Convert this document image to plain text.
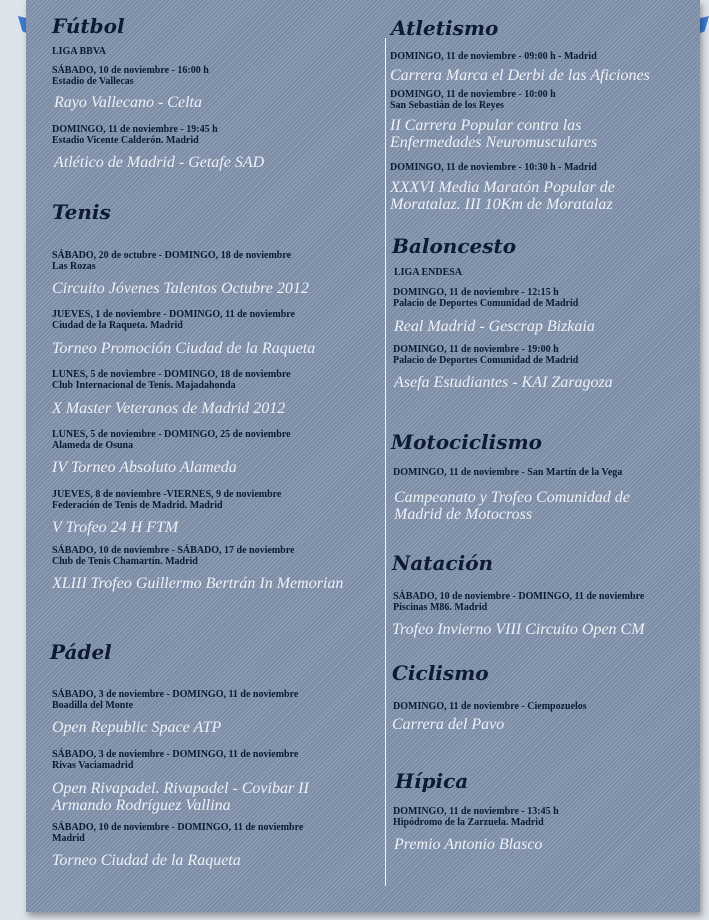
Fútbol
LIGA BBVA
SÁBADO, 10 de noviembre - 16:00 h
Estadio de Vallecas
Rayo Vallecano - Celta
DOMINGO, 11 de noviembre - 19:45 h
Estadio Vicente Calderón. Madrid
Atlético de Madrid - Getafe SAD
Tenis
SÁBADO, 20 de octubre - DOMINGO, 18 de noviembre
Las Rozas
Circuito Jóvenes Talentos Octubre 2012
JUEVES, 1 de noviembre - DOMINGO, 11 de noviembre
Ciudad de la Raqueta. Madrid
Torneo Promoción Ciudad de la Raqueta
LUNES, 5 de noviembre - DOMINGO, 18 de noviembre
Club Internacional de Tenis. Majadahonda
X Master Veteranos de Madrid 2012
LUNES, 5 de noviembre - DOMINGO, 25 de noviembre
Alameda de Osuna
IV Torneo Absoluto Alameda
JUEVES, 8 de noviembre -VIERNES, 9 de noviembre
Federación de Tenis de Madrid. Madrid
V Trofeo 24 H FTM
SÁBADO, 10 de noviembre - SÁBADO, 17 de noviembre
Club de Tenis Chamartín. Madrid
XLIII Trofeo Guillermo Bertrán In Memorian
Pádel
SÁBADO, 3 de noviembre - DOMINGO, 11 de noviembre
Boadilla del Monte
Open Republic Space ATP
SÁBADO, 3 de noviembre - DOMINGO, 11 de noviembre
Rivas Vaciamadrid
Open Rivapadel. Rivapadel - Covibar II
Armando Rodríguez Vallina
SÁBADO, 10 de noviembre - DOMINGO, 11 de noviembre
Madrid
Torneo Ciudad de la Raqueta
Atletismo
DOMINGO, 11 de noviembre - 09:00 h - Madrid
Carrera Marca el Derbi de las Aficiones
DOMINGO, 11 de noviembre - 10:00 h
San Sebastián de los Reyes
II Carrera Popular contra las
Enfermedades Neuromusculares
DOMINGO, 11 de noviembre - 10:30 h - Madrid
XXXVI Media Maratón Popular de
Moratalaz. III 10Km de Moratalaz
Baloncesto
LIGA ENDESA
DOMINGO, 11 de noviembre - 12:15 h
Palacio de Deportes Comunidad de Madrid
Real Madrid - Gescrap Bizkaia
DOMINGO, 11 de noviembre - 19:00 h
Palacio de Deportes Comunidad de Madrid
Asefa Estudiantes - KAI Zaragoza
Motociclismo
DOMINGO, 11 de noviembre - San Martín de la Vega
Campeonato y Trofeo Comunidad de
Madrid de Motocross
Natación
SÁBADO, 10 de noviembre - DOMINGO, 11 de noviembre
Piscinas M86. Madrid
Trofeo Invierno VIII Circuito Open CM
Ciclismo
DOMINGO, 11 de noviembre - Ciempozuelos
Carrera del Pavo
Hípica
DOMINGO, 11 de noviembre - 13:45 h
Hipódromo de la Zarzuela. Madrid
Premio Antonio Blasco
